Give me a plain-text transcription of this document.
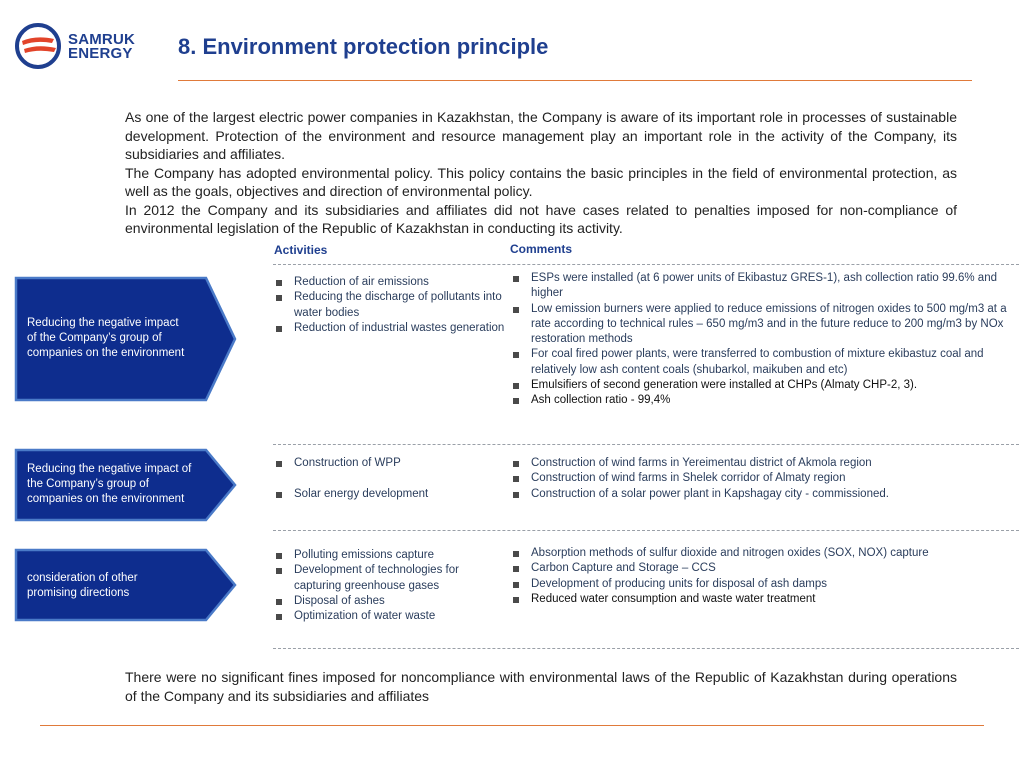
SAMRUK
ENERGY 8. Environment protection principle

As one of the largest electric power companies in Kazakhstan, the Company is aware of its important role in processes of sustainable development. Protection of the environment and resource management play an important role in the activity of the Company, its subsidiaries and affiliates.

The Company has adopted environmental policy. This policy contains the basic principles in the field of environmental protection, as well as the goals, objectives and direction of environmental policy.

In 2012 the Company and its subsidiaries and affiliates did not have cases related to penalties imposed for non-compliance of environmental legislation of the Republic of Kazakhstan in conducting its activity.

Activities	Comments
Reducing the negative impact
of the Company’s group of
companies on the environment
Reduction of air emissions
Reducing the discharge of pollutants into water bodies
Reduction of industrial wastes generation
ESPs were installed (at 6 power units of Ekibastuz GRES-1), ash collection ratio 99.6% and higher
Low emission burners were applied to reduce emissions of nitrogen oxides to 500 mg/m3 at a rate according to technical rules – 650 mg/m3 and in the future reduce to 200 mg/m3 by NOx restoration methods
For coal fired power plants, were transferred to combustion of mixture ekibastuz coal and relatively low ash content coals (shubarkol, maikuben and etc)
Emulsifiers of second generation were installed at CHPs (Almaty CHP-2, 3).
Ash collection ratio - 99,4%
Reducing the negative impact of
the Company’s group of
companies on the environment
Construction of WPP
Solar energy development
Construction of wind farms in Yereimentau district of Akmola region
Construction of wind farms in Shelek corridor of Almaty region
Construction of a solar power plant in Kapshagay city - commissioned.
consideration of other
promising directions
Polluting emissions capture
Development of technologies for capturing greenhouse gases
Disposal of ashes
Optimization of water waste
Absorption methods of sulfur dioxide and nitrogen oxides (SOX, NOX) capture
Carbon Capture and Storage – CCS
Development of producing units for disposal of ash damps
Reduced water consumption and waste water treatment

There were no significant fines imposed for noncompliance with environmental laws of the Republic of Kazakhstan during operations of the Company and its subsidiaries and affiliates
